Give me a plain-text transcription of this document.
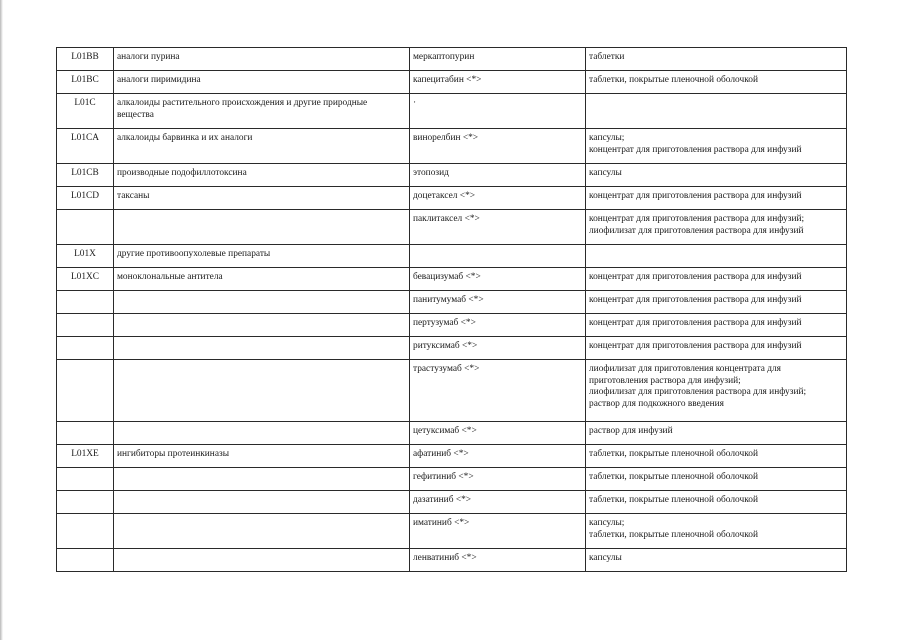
L01BB	аналоги пурина	меркаптопурин	таблетки

L01BC	аналоги пиримидина	капецитабин <*>	таблетки, покрытые пленочной оболочкой

L01C	алкалоиды растительного происхождения и другие природные вещества	·	
L01CA	алкалоиды барвинка и их аналоги	винорелбин <*>	капсулы;
концентрат для приготовления раствора для инфузий

L01CB	производные подофиллотоксина	этопозид	капсулы

L01CD	таксаны	доцетаксел <*>	концентрат для приготовления раствора для инфузий

		паклитаксел <*>	концентрат для приготовления раствора для инфузий;
лиофилизат для приготовления раствора для инфузий

L01X	другие противоопухолевые препараты		
L01XC	моноклональные антитела	бевацизумаб <*>	концентрат для приготовления раствора для инфузий

		панитумумаб <*>	концентрат для приготовления раствора для инфузий

		пертузумаб <*>	концентрат для приготовления раствора для инфузий

		ритуксимаб <*>	концентрат для приготовления раствора для инфузий

		трастузумаб <*>	лиофилизат для приготовления концентрата для
приготовления раствора для инфузий;
лиофилизат для приготовления раствора для инфузий;
раствор для подкожного введения

		цетуксимаб <*>	раствор для инфузий

L01XE	ингибиторы протеинкиназы	афатиниб <*>	таблетки, покрытые пленочной оболочкой

		гефитиниб <*>	таблетки, покрытые пленочной оболочкой

		дазатиниб <*>	таблетки, покрытые пленочной оболочкой

		иматиниб <*>	капсулы;
таблетки, покрытые пленочной оболочкой

		ленватиниб <*>	капсулы
